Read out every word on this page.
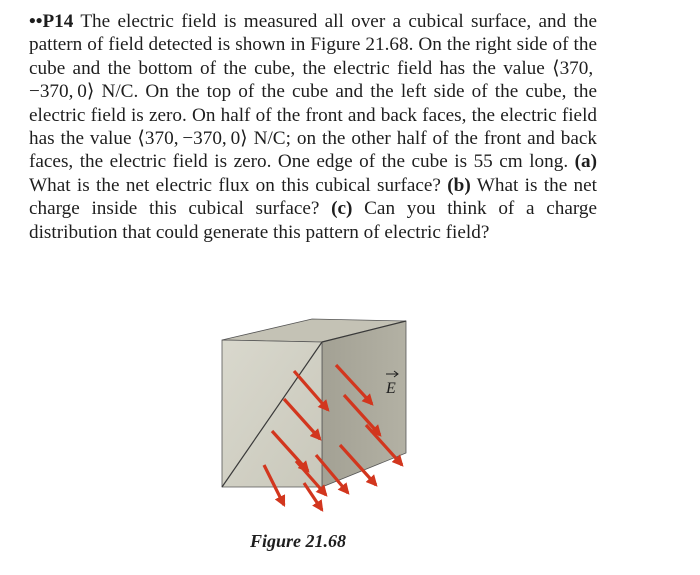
••P14 The electric field is measured all over a cubical surface, and the pattern of field detected is shown in Figure 21.68. On the right side of the cube and the bottom of the cube, the electric field has the value ⟨370, −370, 0⟩ N/C. On the top of the cube and the left side of the cube, the electric field is zero. On half of the front and back faces, the electric field has the value ⟨370, −370, 0⟩ N/C; on the other half of the front and back faces, the electric field is zero. One edge of the cube is 55 cm long. (a) What is the net electric flux on this cubical surface? (b) What is the net charge inside this cubical surface? (c) Can you think of a charge distribution that could generate this pattern of electric field?
E
Figure 21.68
